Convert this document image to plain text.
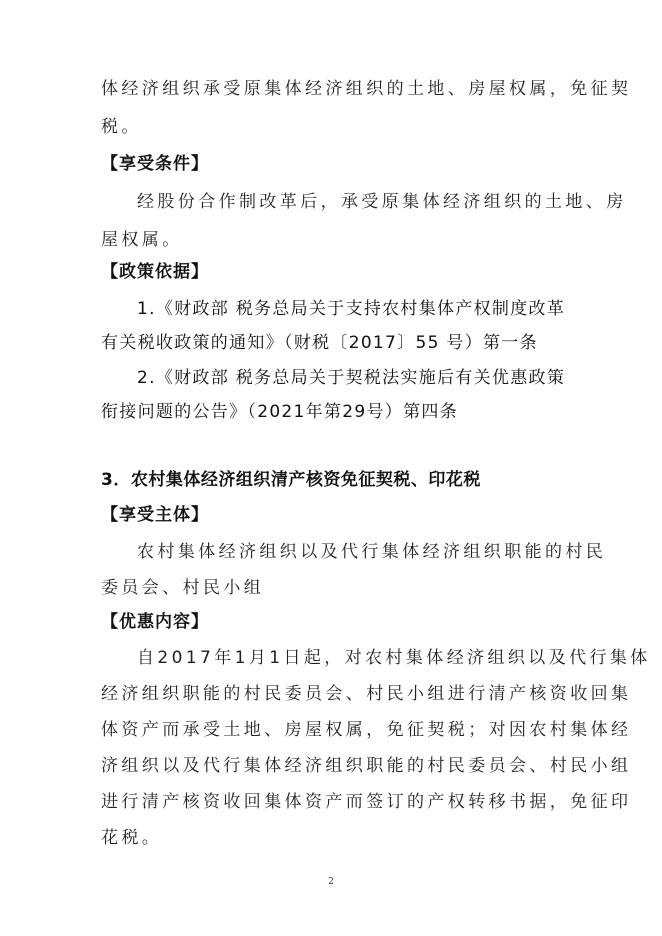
体经济组织承受原集体经济组织的土地、房屋权属，免征契
税。
【享受条件】
经股份合作制改革后，承受原集体经济组织的土地、房
屋权属。
【政策依据】
1.《财政部 税务总局关于支持农村集体产权制度改革
有关税收政策的通知》（财税〔2017〕55 号）第一条
2.《财政部 税务总局关于契税法实施后有关优惠政策
衔接问题的公告》（2021年第29号）第四条
3．农村集体经济组织清产核资免征契税、印花税
【享受主体】
农村集体经济组织以及代行集体经济组织职能的村民
委员会、村民小组
【优惠内容】
自2017年1月1日起，对农村集体经济组织以及代行集体
经济组织职能的村民委员会、村民小组进行清产核资收回集
体资产而承受土地、房屋权属，免征契税；对因农村集体经
济组织以及代行集体经济组织职能的村民委员会、村民小组
进行清产核资收回集体资产而签订的产权转移书据，免征印
花税。
2
